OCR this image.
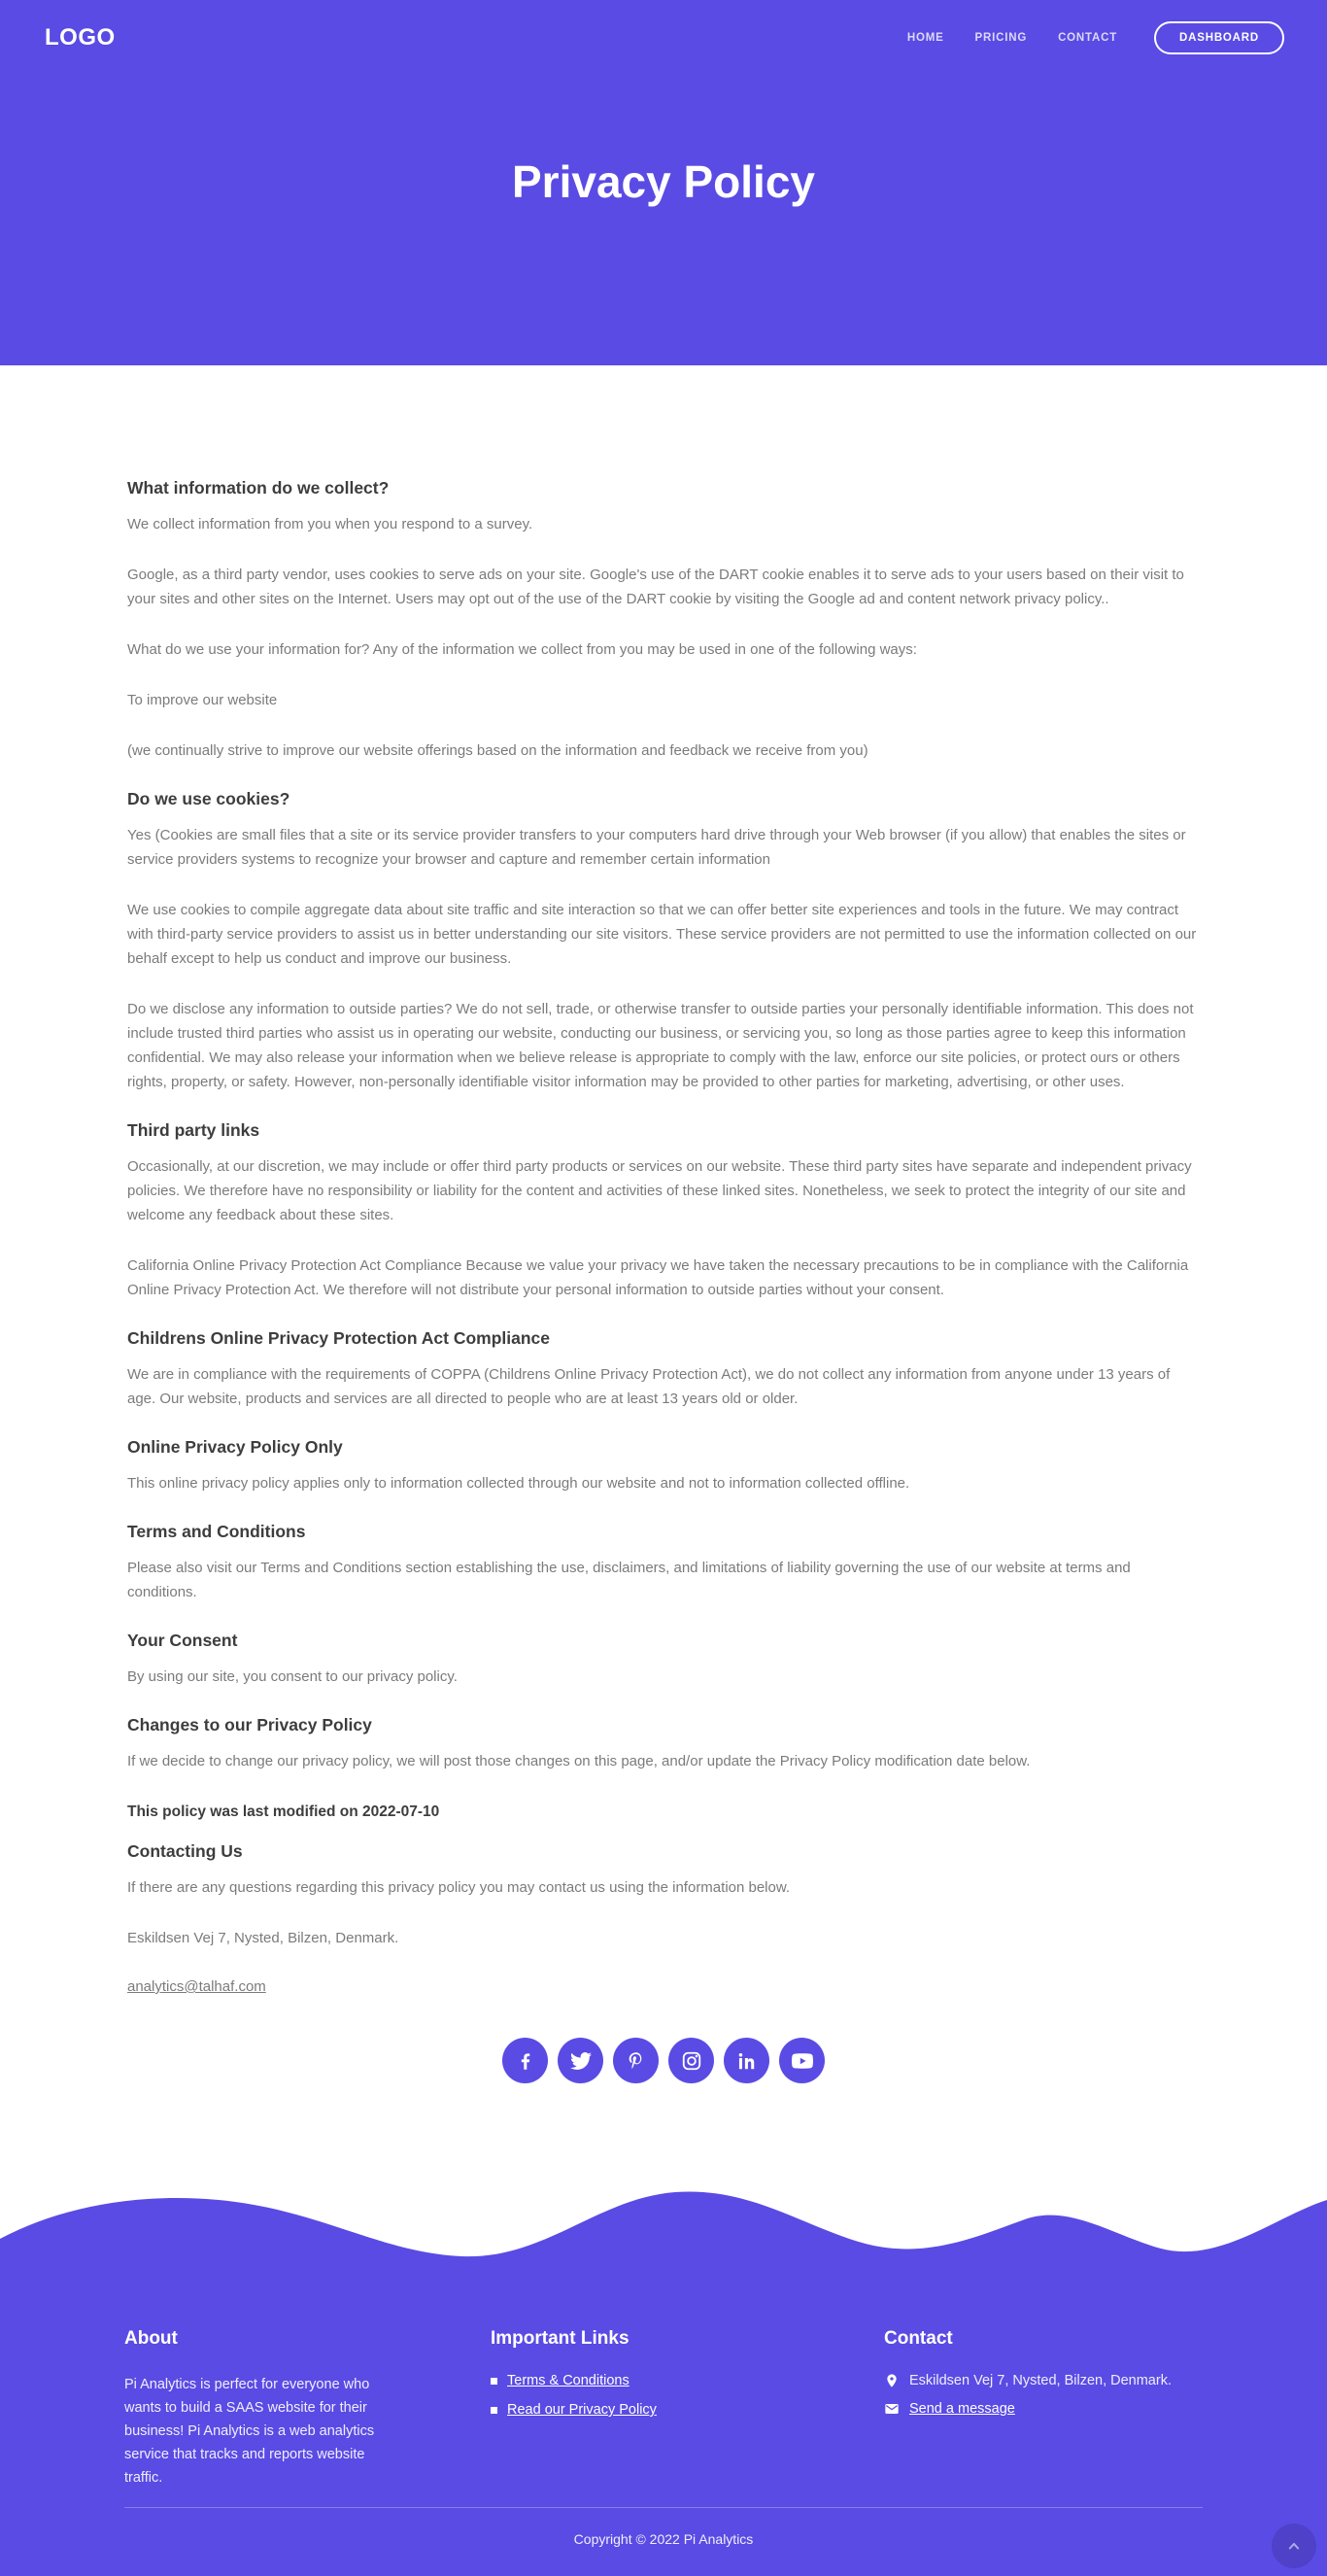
LOGO	HOME	PRICING	CONTACT	DASHBOARD
Privacy Policy
What information do we collect?

We collect information from you when you respond to a survey.

Google, as a third party vendor, uses cookies to serve ads on your site. Google's use of the DART cookie enables it to serve ads to your users based on their visit to your sites and other sites on the Internet. Users may opt out of the use of the DART cookie by visiting the Google ad and content network privacy policy..

What do we use your information for? Any of the information we collect from you may be used in one of the following ways:

To improve our website

(we continually strive to improve our website offerings based on the information and feedback we receive from you)

Do we use cookies?

Yes (Cookies are small files that a site or its service provider transfers to your computers hard drive through your Web browser (if you allow) that enables the sites or service providers systems to recognize your browser and capture and remember certain information

We use cookies to compile aggregate data about site traffic and site interaction so that we can offer better site experiences and tools in the future. We may contract with third-party service providers to assist us in better understanding our site visitors. These service providers are not permitted to use the information collected on our behalf except to help us conduct and improve our business.

Do we disclose any information to outside parties? We do not sell, trade, or otherwise transfer to outside parties your personally identifiable information. This does not include trusted third parties who assist us in operating our website, conducting our business, or servicing you, so long as those parties agree to keep this information confidential. We may also release your information when we believe release is appropriate to comply with the law, enforce our site policies, or protect ours or others rights, property, or safety. However, non-personally identifiable visitor information may be provided to other parties for marketing, advertising, or other uses.

Third party links

Occasionally, at our discretion, we may include or offer third party products or services on our website. These third party sites have separate and independent privacy policies. We therefore have no responsibility or liability for the content and activities of these linked sites. Nonetheless, we seek to protect the integrity of our site and welcome any feedback about these sites.

California Online Privacy Protection Act Compliance Because we value your privacy we have taken the necessary precautions to be in compliance with the California Online Privacy Protection Act. We therefore will not distribute your personal information to outside parties without your consent.

Childrens Online Privacy Protection Act Compliance

We are in compliance with the requirements of COPPA (Childrens Online Privacy Protection Act), we do not collect any information from anyone under 13 years of age. Our website, products and services are all directed to people who are at least 13 years old or older.

Online Privacy Policy Only

This online privacy policy applies only to information collected through our website and not to information collected offline.

Terms and Conditions

Please also visit our Terms and Conditions section establishing the use, disclaimers, and limitations of liability governing the use of our website at terms and conditions.

Your Consent

By using our site, you consent to our privacy policy.

Changes to our Privacy Policy

If we decide to change our privacy policy, we will post those changes on this page, and/or update the Privacy Policy modification date below.

This policy was last modified on 2022-07-10

Contacting Us

If there are any questions regarding this privacy policy you may contact us using the information below.

Eskildsen Vej 7, Nysted, Bilzen, Denmark.

analytics@talhaf.com
About

Pi Analytics is perfect for everyone who wants to build a SAAS website for their business! Pi Analytics is a web analytics service that tracks and reports website traffic.

Important Links
Terms & Conditions
Read our Privacy Policy
Contact
Eskildsen Vej 7, Nysted, Bilzen, Denmark.
Send a message
Copyright © 2022 Pi Analytics
